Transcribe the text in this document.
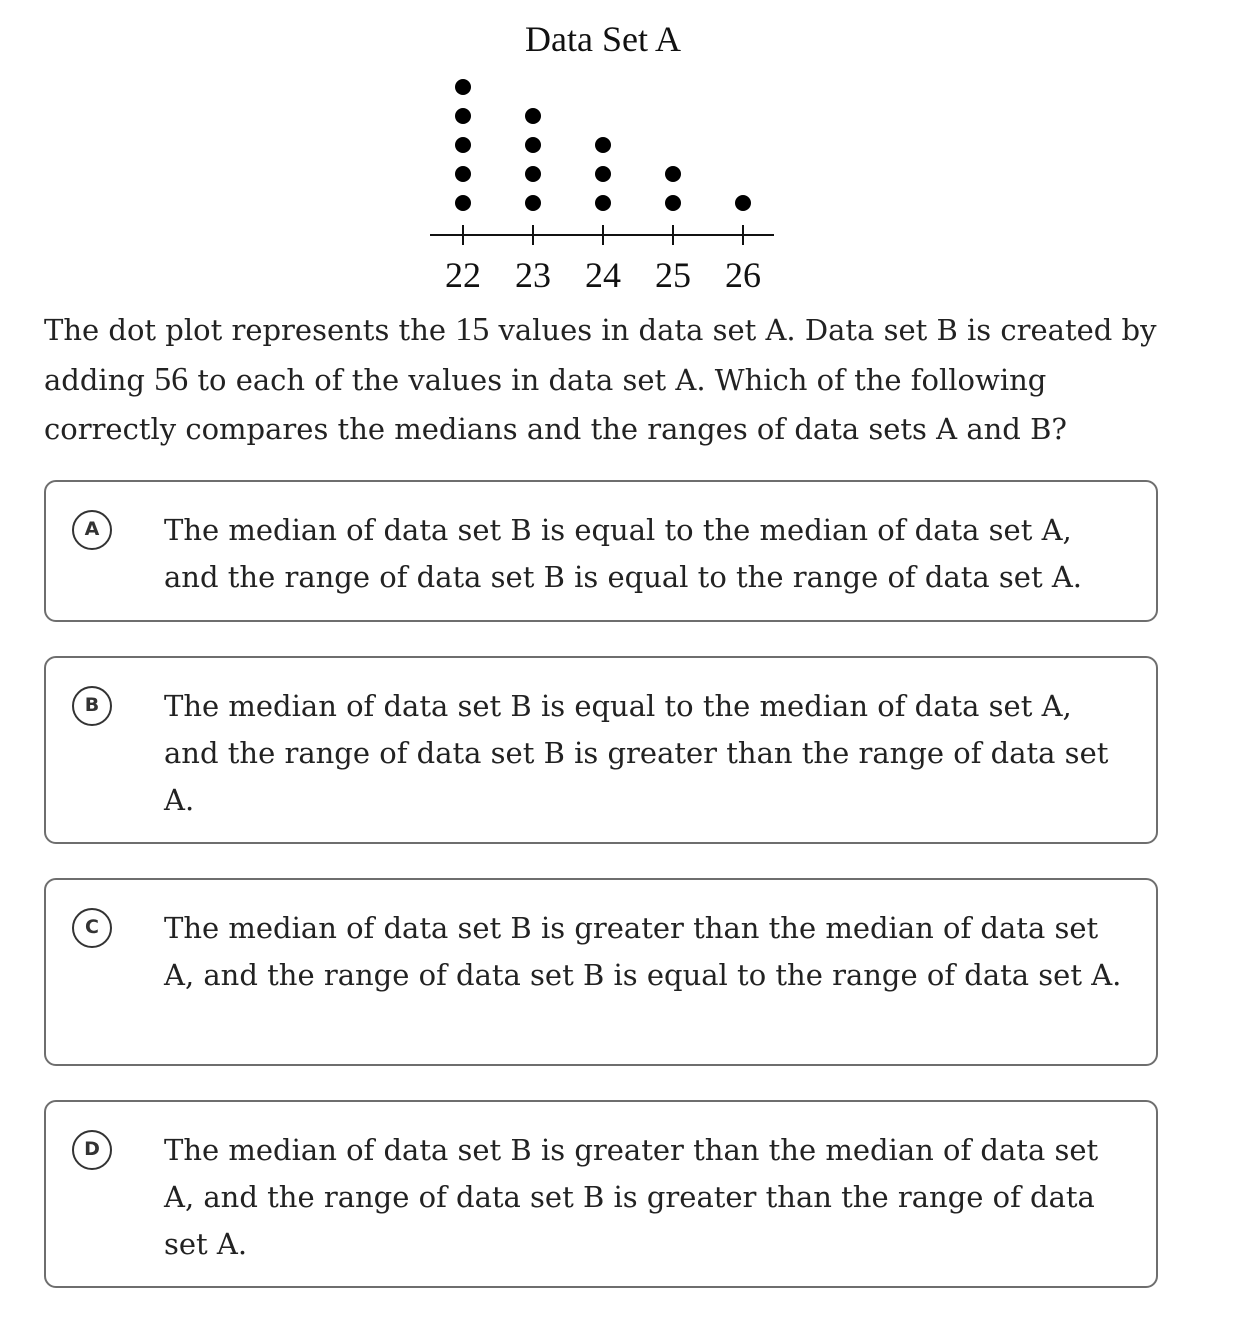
Data Set A
22 23 24 25 26
The dot plot represents the 15 values in data set A. Data set B is created by adding 56 to each of the values in data set A. Which of the following correctly compares the medians and the ranges of data sets A and B?
A	The median of data set B is equal to the median of data set A, and the range of data set B is equal to the range of data set A.
B	The median of data set B is equal to the median of data set A, and the range of data set B is greater than the range of data set A.
C	The median of data set B is greater than the median of data set A, and the range of data set B is equal to the range of data set A.
D	The median of data set B is greater than the median of data set A, and the range of data set B is greater than the range of data set A.
